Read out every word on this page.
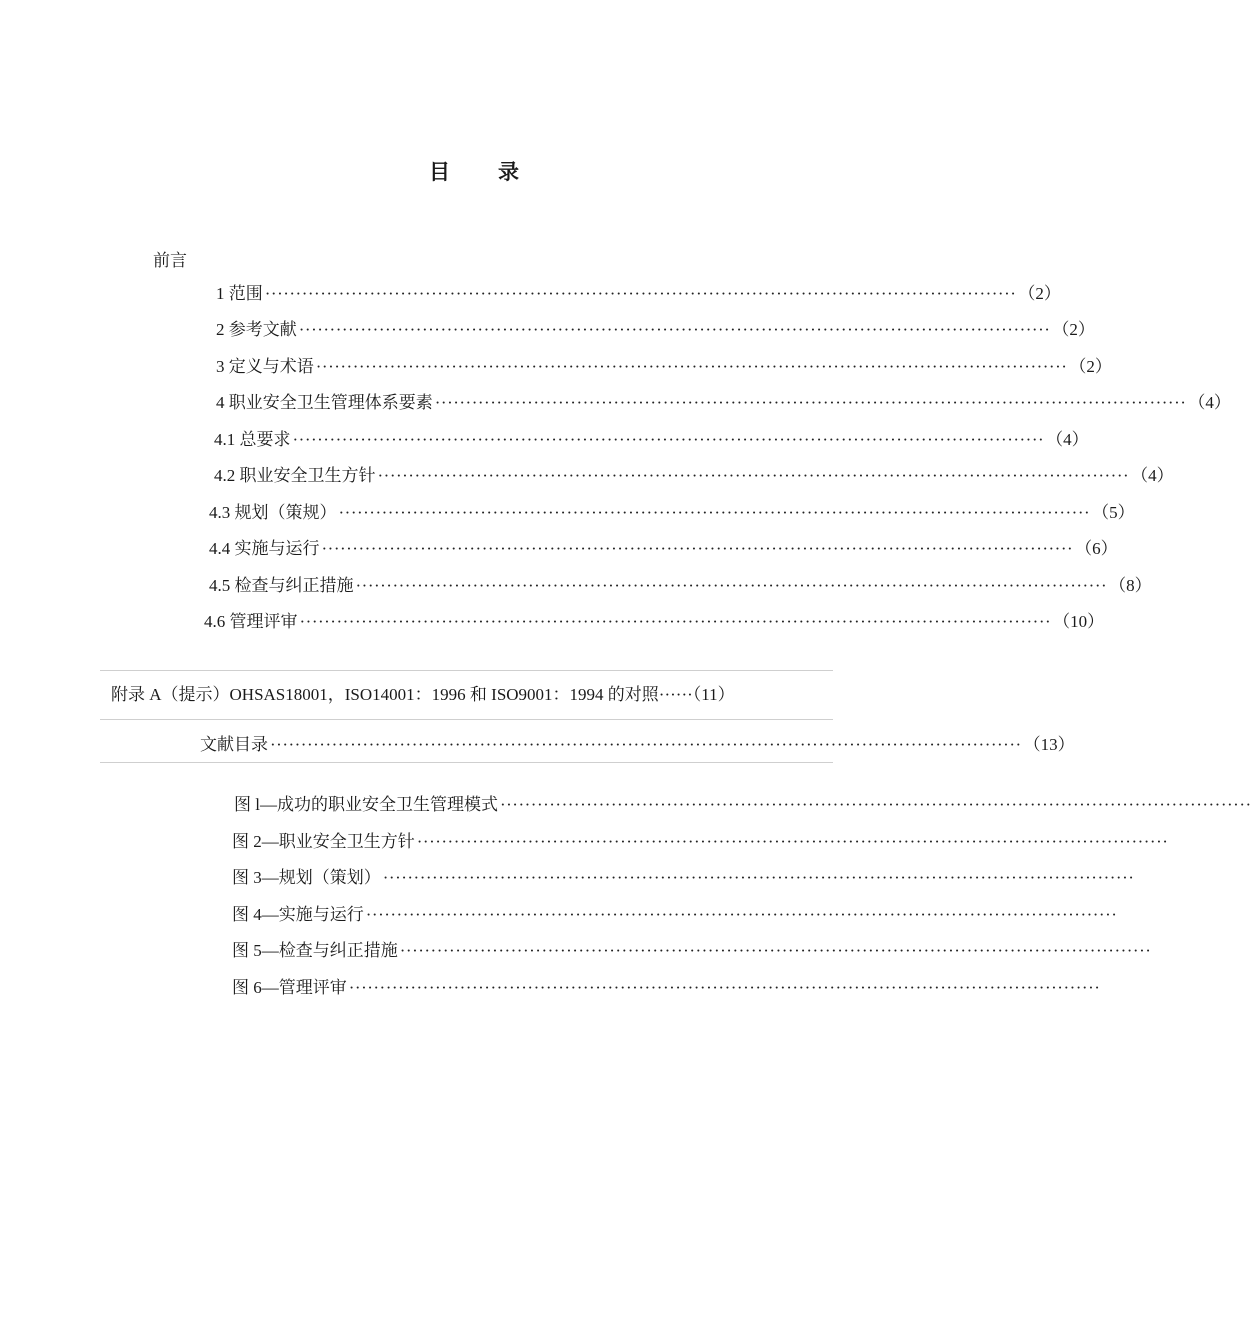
目 录
前言
1 范围 ·························································································································· （2）
2 参考文献 ·························································································································· （2）
3 定义与术语 ·························································································································· （2）
4 职业安全卫生管理体系要素 ·························································································································· （4）
4.1 总要求 ·························································································································· （4）
4.2 职业安全卫生方针 ·························································································································· （4）
4.3 规划（策规） ·························································································································· （5）
4.4 实施与运行 ·························································································································· （6）
4.5 检查与纠正措施 ·························································································································· （8）
4.6 管理评审 ·························································································································· （10）
附录 A（提示）OHSAS18001，ISO14001：1996 和 ISO9001：1994 的对照······（11）
文献目录 ·························································································································· （13）
图 l—成功的职业安全卫生管理模式 ··························································································································
图 2—职业安全卫生方针 ··························································································································
图 3—规划（策划） ··························································································································
图 4—实施与运行 ··························································································································
图 5—检查与纠正措施 ··························································································································
图 6—管理评审 ··························································································································
